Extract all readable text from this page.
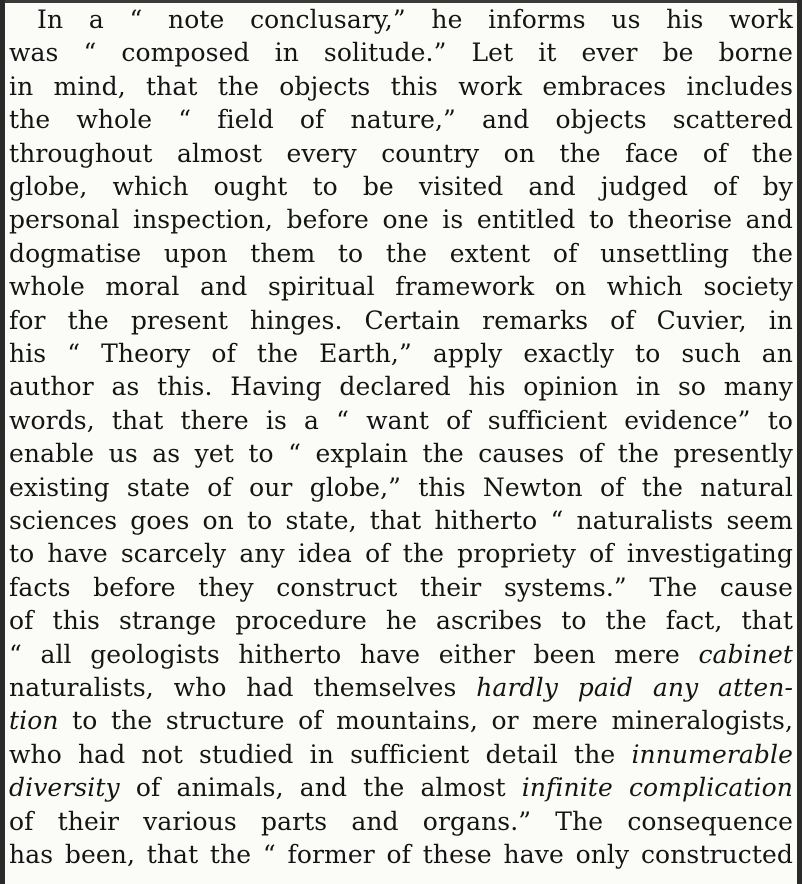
In a “ note conclusary,” he informs us his work
was “ composed in solitude.” Let it ever be borne
in mind, that the objects this work embraces includes
the whole “ field of nature,” and objects scattered
throughout almost every country on the face of the
globe, which ought to be visited and judged of by
personal inspection, before one is entitled to theorise and
dogmatise upon them to the extent of unsettling the
whole moral and spiritual framework on which society
for the present hinges. Certain remarks of Cuvier, in
his “ Theory of the Earth,” apply exactly to such an
author as this. Having declared his opinion in so many
words, that there is a “ want of sufficient evidence” to
enable us as yet to “ explain the causes of the presently
existing state of our globe,” this Newton of the natural
sciences goes on to state, that hitherto “ naturalists seem
to have scarcely any idea of the propriety of investigating
facts before they construct their systems.” The cause
of this strange procedure he ascribes to the fact, that
“ all geologists hitherto have either been mere cabinet
naturalists, who had themselves hardly paid any atten-
tion to the structure of mountains, or mere mineralogists,
who had not studied in sufficient detail the innumerable
diversity of animals, and the almost infinite complication
of their various parts and organs.” The consequence
has been, that the “ former of these have only constructed
